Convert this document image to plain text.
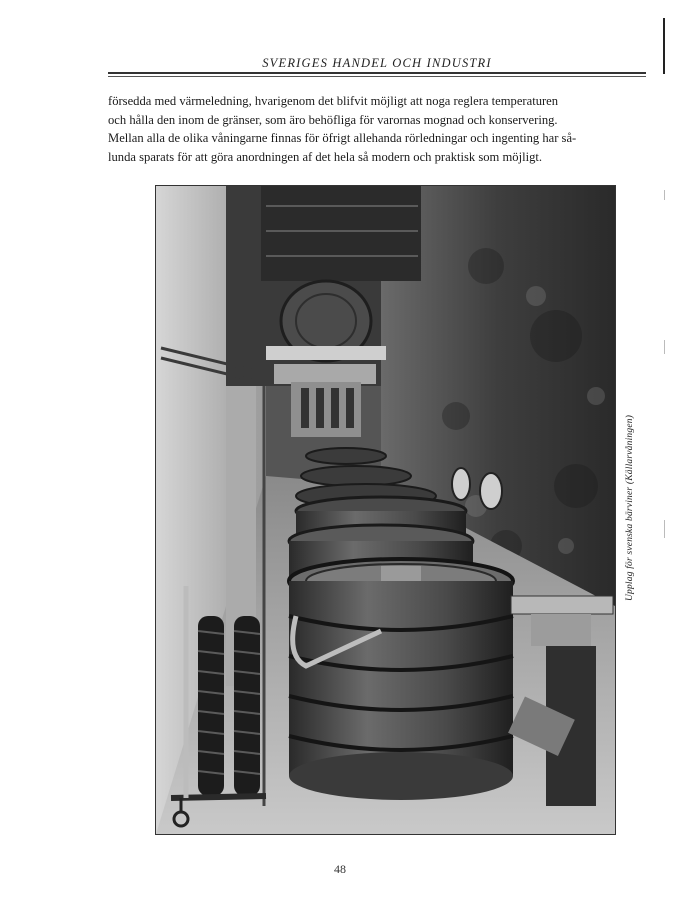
SVERIGES HANDEL OCH INDUSTRI
försedda med värmeledning, hvarigenom det blifvit möjligt att noga reglera temperaturen
och hålla den inom de gränser, som äro behöfliga för varornas mognad och konservering.
Mellan alla de olika våningarne finnas för öfrigt allehanda rörledningar och ingenting har så-
lunda sparats för att göra anordningen af det hela så modern och praktisk som möjligt.
Upplag för svenska bärviner (Källarvåningen)
48
